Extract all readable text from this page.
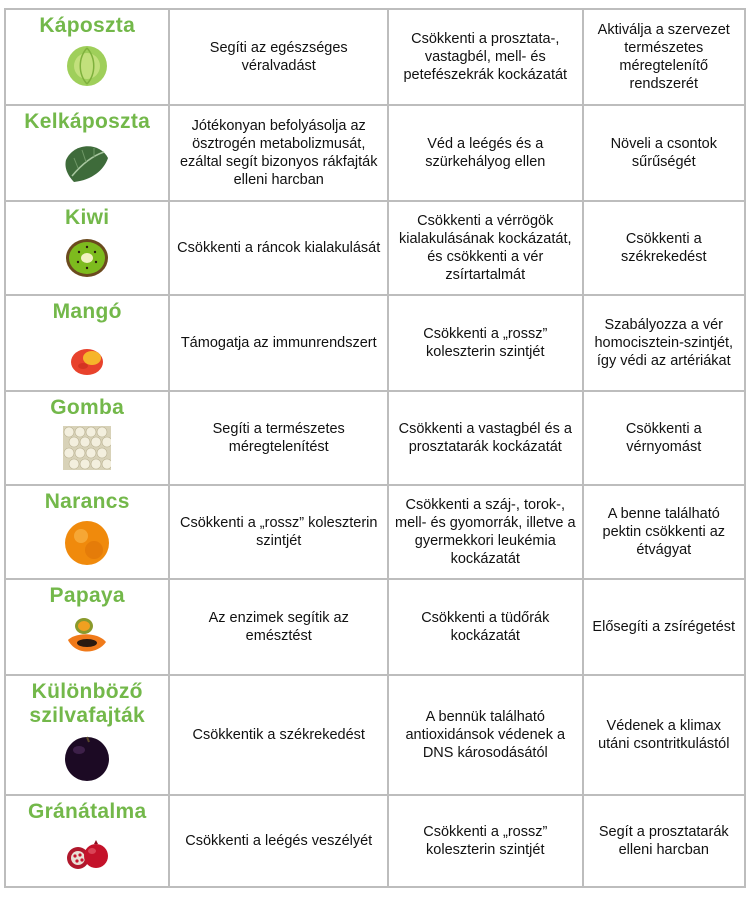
Káposzta	Segíti az egészséges véralvadást	Csökkenti a prosztata-, vastagbél, mell- és petefészekrák kockázatát	Aktiválja a szervezet természetes méregtelenítő rendszerét

Kelkáposzta	Jótékonyan befolyásolja az ösztrogén metabolizmusát, ezáltal segít bizonyos rákfajták elleni harcban	Véd a leégés és a szürkehályog ellen	Növeli a csontok sűrűségét

Kiwi	Csökkenti a ráncok kialakulását	Csökkenti a vérrögök kialakulásának kockázatát, és csökkenti a vér zsírtartalmát	Csökkenti a székrekedést

Mangó	Támogatja az immunrendszert	Csökkenti a „rossz” koleszterin szintjét	Szabályozza a vér homocisztein-szintjét, így védi az artériákat

Gomba	Segíti a természetes méregtelenítést	Csökkenti a vastagbél és a prosztatarák kockázatát	Csökkenti a vérnyomást

Narancs	Csökkenti a „rossz” koleszterin szintjét	Csökkenti a száj-, torok-, mell- és gyomorrák, illetve a gyermekkori leukémia kockázatát	A benne található pektin csökkenti az étvágyat

Papaya	Az enzimek segítik az emésztést	Csökkenti a tüdőrák kockázatát	Elősegíti a zsírégetést

Különböző szilvafajták	Csökkentik a székrekedést	A bennük található antioxidánsok védenek a DNS károsodásától	Védenek a klimax utáni csontritkulástól

Gránátalma	Csökkenti a leégés veszélyét	Csökkenti a „rossz” koleszterin szintjét	Segít a prosztatarák elleni harcban
